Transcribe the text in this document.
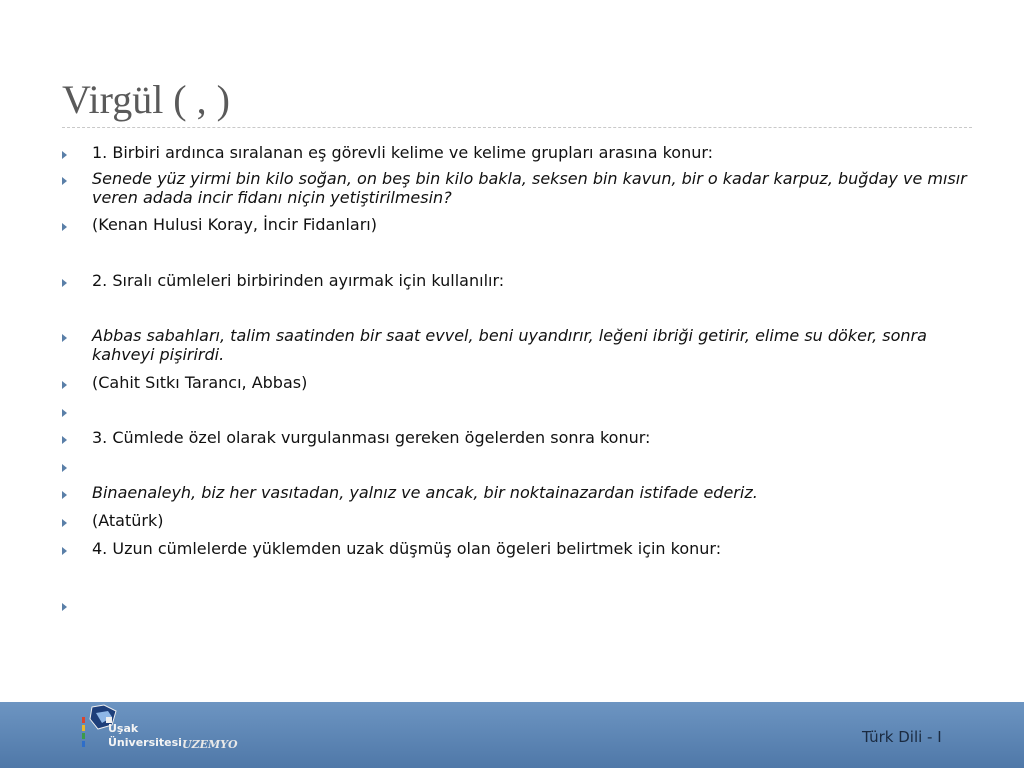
Virgül ( , )
1. Birbiri ardınca sıralanan eş görevli kelime ve kelime grupları arasına konur:
Senede yüz yirmi bin kilo soğan, on beş bin kilo bakla, seksen bin kavun, bir o kadar karpuz, buğday ve mısır veren adada incir fidanı niçin yetiştirilmesin?
(Kenan Hulusi Koray, İncir Fidanları)
2. Sıralı cümleleri birbirinden ayırmak için kullanılır:
Abbas sabahları, talim saatinden bir saat evvel, beni uyandırır, leğeni ibriği getirir, elime su döker, sonra kahveyi pişirirdi.
(Cahit Sıtkı Tarancı, Abbas)
3. Cümlede özel olarak vurgulanması gereken ögelerden sonra konur:
Binaenaleyh, biz her vasıtadan, yalnız ve ancak, bir noktainazardan istifade ederiz.
(Atatürk)
4. Uzun cümlelerde yüklemden uzak düşmüş olan ögeleri belirtmek için konur:
Uşak
Üniversitesi UZEMYO	Türk Dili - I
